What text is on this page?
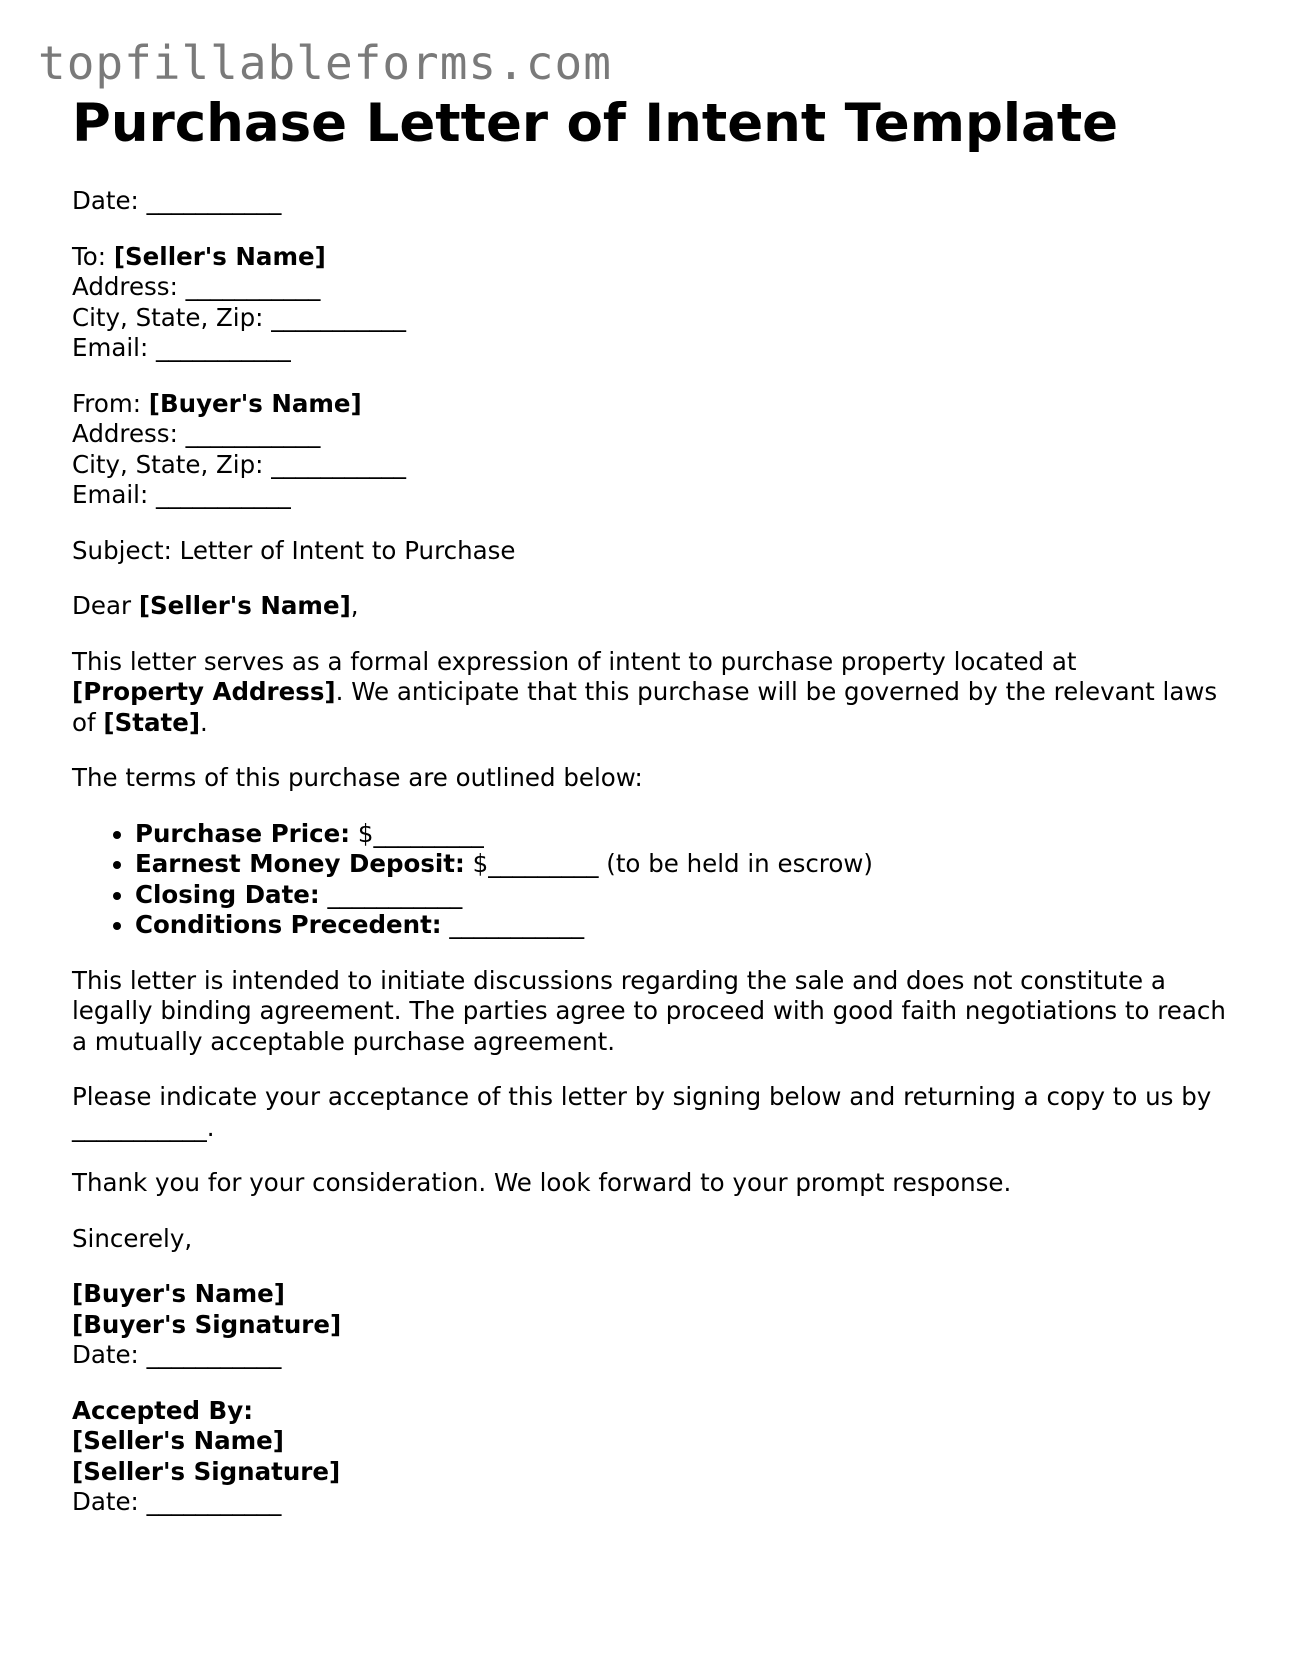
topfillableforms.com
Purchase Letter of Intent Template

Date: ___________

To: [Seller's Name]
Address: ___________
City, State, Zip: ___________
Email: ___________

From: [Buyer's Name]
Address: ___________
City, State, Zip: ___________
Email: ___________

Subject: Letter of Intent to Purchase

Dear [Seller's Name],

This letter serves as a formal expression of intent to purchase property located at
[Property Address]. We anticipate that this purchase will be governed by the relevant laws of [State].

The terms of this purchase are outlined below:

• Purchase Price: $_________
• Earnest Money Deposit: $_________ (to be held in escrow)
• Closing Date: ___________
• Conditions Precedent: ___________

This letter is intended to initiate discussions regarding the sale and does not constitute a legally binding agreement. The parties agree to proceed with good faith negotiations to reach a mutually acceptable purchase agreement.

Please indicate your acceptance of this letter by signing below and returning a copy to us by ___________.

Thank you for your consideration. We look forward to your prompt response.

Sincerely,

[Buyer's Name]
[Buyer's Signature]
Date: ___________

Accepted By:
[Seller's Name]
[Seller's Signature]
Date: ___________
